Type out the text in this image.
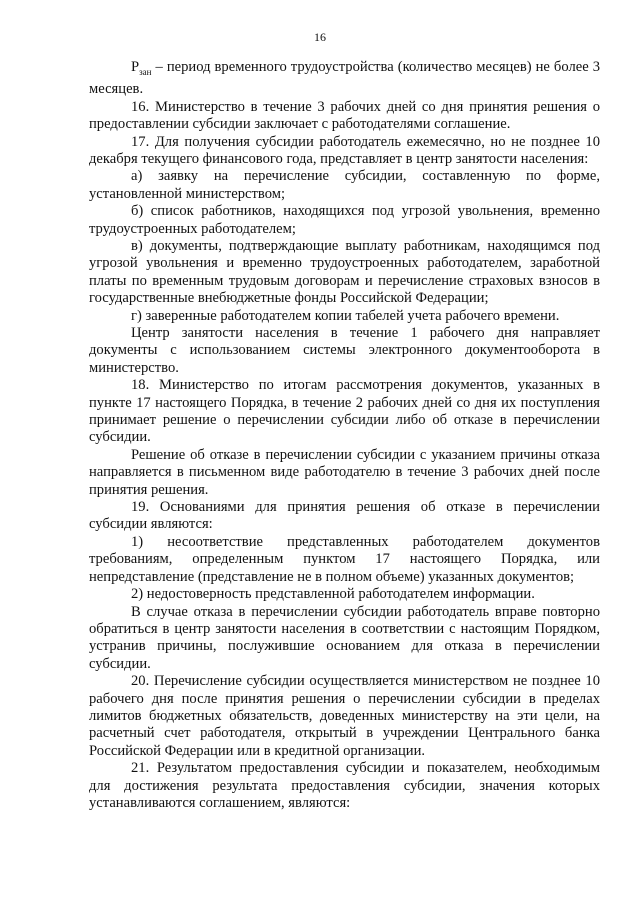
16

$Р_{зан}$ – период временного трудоустройства (количество месяцев) не более 3 месяцев.

16. Министерство в течение 3 рабочих дней со дня принятия решения о предоставлении субсидии заключает с работодателями соглашение.

17. Для получения субсидии работодатель ежемесячно, но не позднее 10 декабря текущего финансового года, представляет в центр занятости населения:

а) заявку на перечисление субсидии, составленную по форме, установленной министерством;

б) список работников, находящихся под угрозой увольнения, временно трудоустроенных работодателем;

в) документы, подтверждающие выплату работникам, находящимся под угрозой увольнения и временно трудоустроенных работодателем, заработной платы по временным трудовым договорам и перечисление страховых взносов в государственные внебюджетные фонды Российской Федерации;

г) заверенные работодателем копии табелей учета рабочего времени.

Центр занятости населения в течение 1 рабочего дня направляет документы с использованием системы электронного документооборота в министерство.

18. Министерство по итогам рассмотрения документов, указанных в пункте 17 настоящего Порядка, в течение 2 рабочих дней со дня их поступления принимает решение о перечислении субсидии либо об отказе в перечислении субсидии.

Решение об отказе в перечислении субсидии с указанием причины отказа направляется в письменном виде работодателю в течение 3 рабочих дней после принятия решения.

19. Основаниями для принятия решения об отказе в перечислении субсидии являются:

1) несоответствие представленных работодателем документов требованиям, определенным пунктом 17 настоящего Порядка, или непредставление (представление не в полном объеме) указанных документов;

2) недостоверность представленной работодателем информации.

В случае отказа в перечислении субсидии работодатель вправе повторно обратиться в центр занятости населения в соответствии с настоящим Порядком, устранив причины, послужившие основанием для отказа в перечислении субсидии.

20. Перечисление субсидии осуществляется министерством не позднее 10 рабочего дня после принятия решения о перечислении субсидии в пределах лимитов бюджетных обязательств, доведенных министерству на эти цели, на расчетный счет работодателя, открытый в учреждении Центрального банка Российской Федерации или в кредитной организации.

21. Результатом предоставления субсидии и показателем, необходимым для достижения результата предоставления субсидии, значения которых устанавливаются соглашением, являются:
